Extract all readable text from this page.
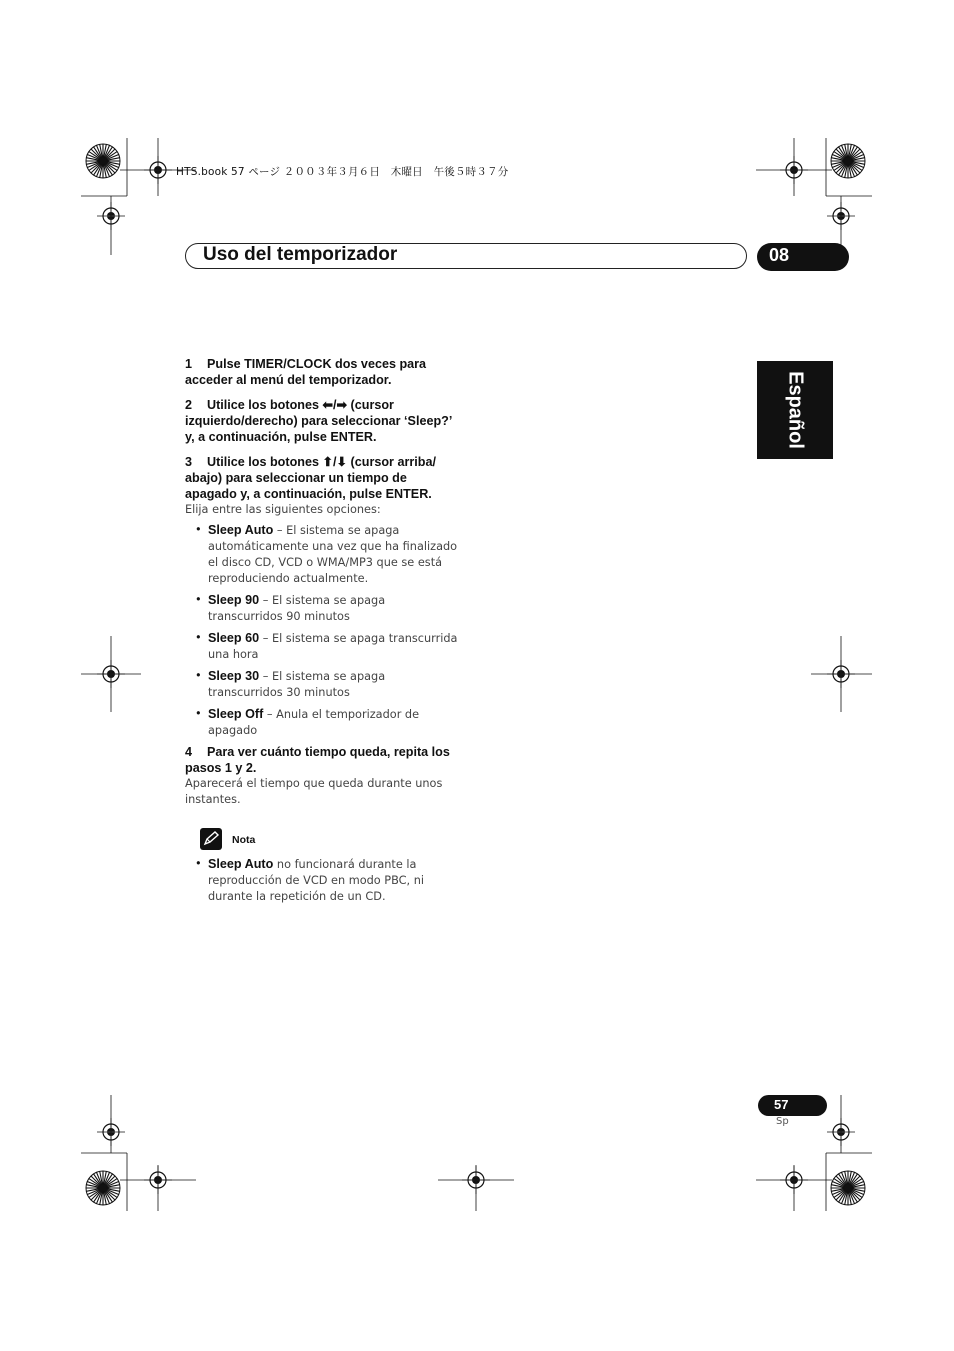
HTS.book 57 ページ ２００３年３月６日　木曜日　午後５時３７分
Uso del temporizador	08
Español
1 Pulse TIMER/CLOCK dos veces para acceder al menú del temporizador.
2 Utilice los botones ⬅/➡ (cursor izquierdo/derecho) para seleccionar ‘Sleep?’ y, a continuación, pulse ENTER.
3 Utilice los botones ⬆/⬇ (cursor arriba/ abajo) para seleccionar un tiempo de apagado y, a continuación, pulse ENTER.
Elija entre las siguientes opciones:
• Sleep Auto – El sistema se apaga automáticamente una vez que ha finalizado el disco CD, VCD o WMA/MP3 que se está reproduciendo actualmente.
• Sleep 90 – El sistema se apaga transcurridos 90 minutos
• Sleep 60 – El sistema se apaga transcurrida una hora
• Sleep 30 – El sistema se apaga transcurridos 30 minutos
• Sleep Off – Anula el temporizador de apagado
4 Para ver cuánto tiempo queda, repita los pasos 1 y 2.
Aparecerá el tiempo que queda durante unos instantes.
Nota
• Sleep Auto no funcionará durante la reproducción de VCD en modo PBC, ni durante la repetición de un CD.
57
Sp
